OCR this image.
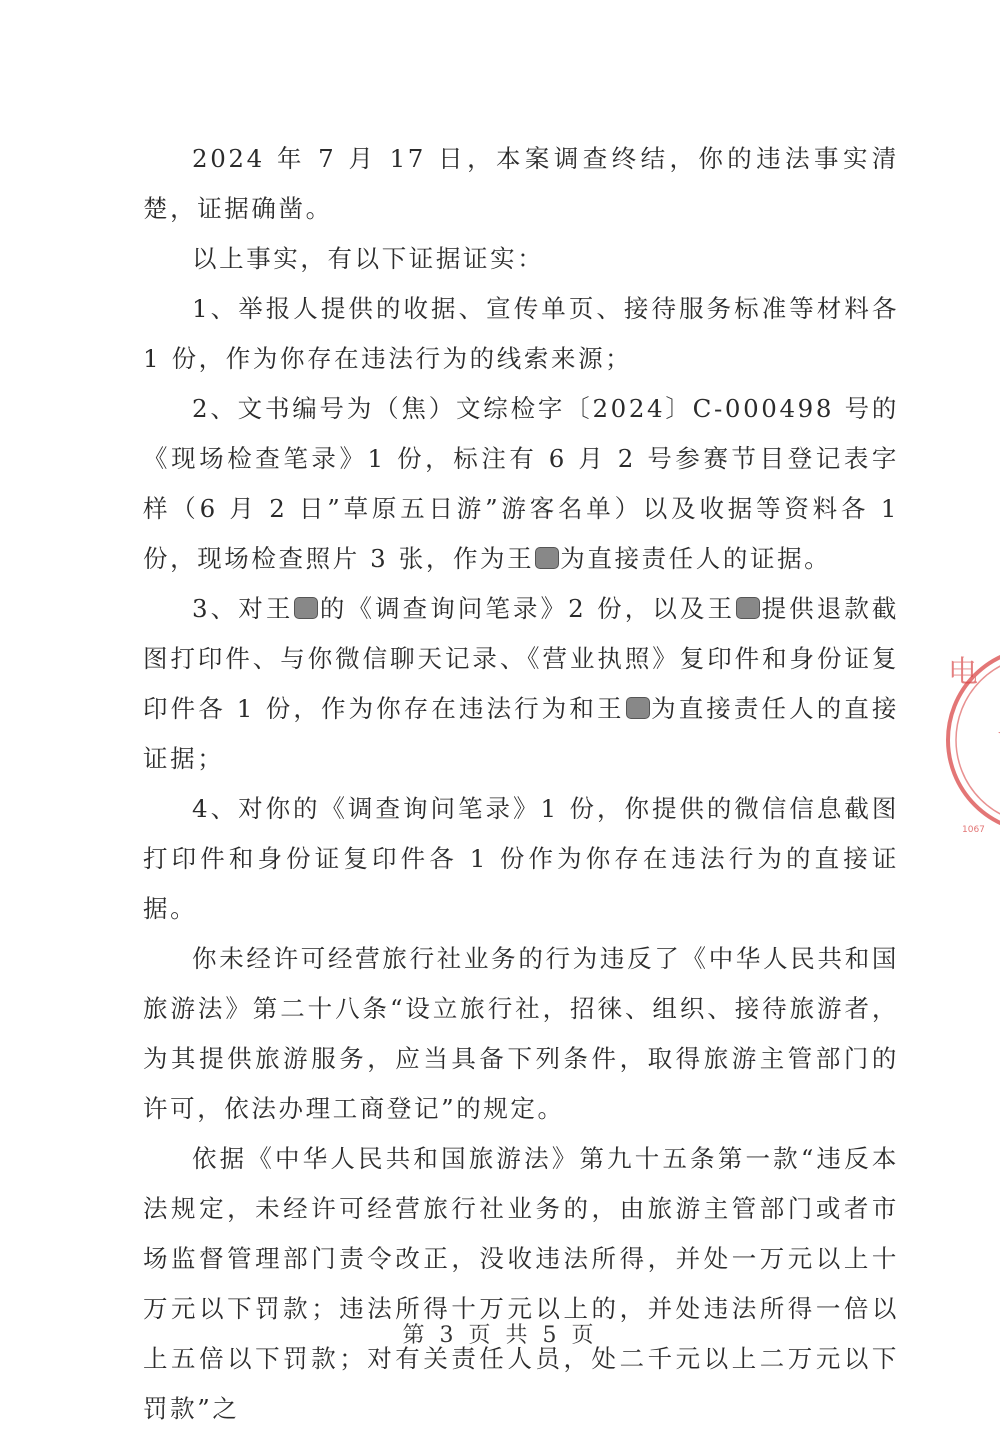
2024 年 7 月 17 日，本案调查终结，你的违法事实清楚，证据确凿。

以上事实，有以下证据证实：

1、举报人提供的收据、宣传单页、接待服务标准等材料各 1 份，作为你存在违法行为的线索来源；

2、文书编号为（焦）文综检字〔2024〕C-000498 号的《现场检查笔录》1 份，标注有 6 月 2 号参赛节目登记表字样（6 月 2 日”草原五日游”游客名单）以及收据等资料各 1 份，现场检查照片 3 张，作为王 为直接责任人的证据。

3、对王 的《调查询问笔录》2 份，以及王 提供退款截图打印件、与你微信聊天记录、《营业执照》复印件和身份证复印件各 1 份，作为你存在违法行为和王 为直接责任人的直接证据；

4、对你的《调查询问笔录》1 份，你提供的微信信息截图打印件和身份证复印件各 1 份作为你存在违法行为的直接证据。

你未经许可经营旅行社业务的行为违反了《中华人民共和国旅游法》第二十八条“设立旅行社，招徕、组织、接待旅游者，为其提供旅游服务，应当具备下列条件，取得旅游主管部门的许可，依法办理工商登记”的规定。

依据《中华人民共和国旅游法》第九十五条第一款“违反本法规定，未经许可经营旅行社业务的，由旅游主管部门或者市场监督管理部门责令改正，没收违法所得，并处一万元以上十万元以下罚款；违法所得十万元以上的，并处违法所得一倍以上五倍以下罚款；对有关责任人员，处二千元以上二万元以下罚款”之

第 3 页 共 5 页
电
1067
